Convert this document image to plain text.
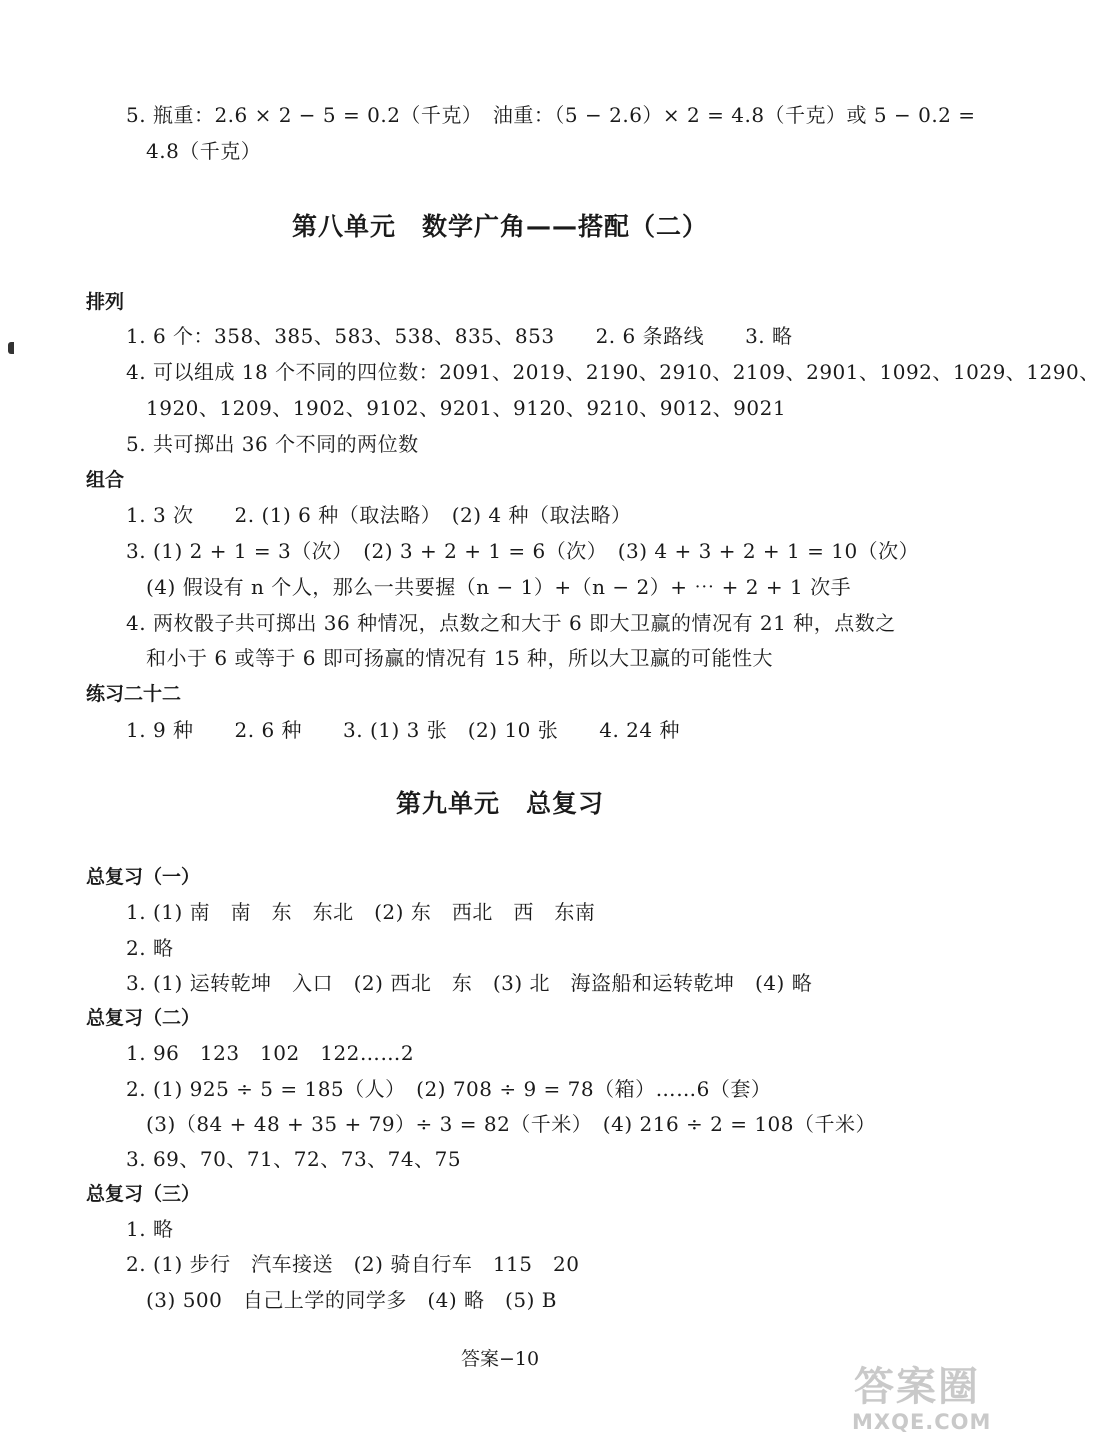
5. 瓶重：2.6 × 2 − 5 = 0.2（千克）　油重：（5 − 2.6）× 2 = 4.8（千克）或 5 − 0.2 =
4.8（千克）
第八单元　数学广角——搭配（二）
排列
1. 6 个：358、385、583、538、835、853　　2. 6 条路线　　3. 略
4. 可以组成 18 个不同的四位数：2091、2019、2190、2910、2109、2901、1092、1029、1290、
1920、1209、1902、9102、9201、9120、9210、9012、9021
5. 共可掷出 36 个不同的两位数
组合
1. 3 次　　2. (1) 6 种（取法略）　(2) 4 种（取法略）
3. (1) 2 + 1 = 3（次）　(2) 3 + 2 + 1 = 6（次）　(3) 4 + 3 + 2 + 1 = 10（次）
(4) 假设有 n 个人，那么一共要握（n − 1）+（n − 2）+ ⋯ + 2 + 1 次手
4. 两枚骰子共可掷出 36 种情况，点数之和大于 6 即大卫赢的情况有 21 种，点数之
和小于 6 或等于 6 即可扬赢的情况有 15 种，所以大卫赢的可能性大
练习二十二
1. 9 种　　2. 6 种　　3. (1) 3 张　(2) 10 张　　4. 24 种
第九单元　总复习
总复习（一）
1. (1) 南　南　东　东北　(2) 东　西北　西　东南
2. 略
3. (1) 运转乾坤　入口　(2) 西北　东　(3) 北　海盗船和运转乾坤　(4) 略
总复习（二）
1. 96　123　102　122……2
2. (1) 925 ÷ 5 = 185（人）　(2) 708 ÷ 9 = 78（箱）……6（套）
(3)（84 + 48 + 35 + 79）÷ 3 = 82（千米）　(4) 216 ÷ 2 = 108（千米）
3. 69、70、71、72、73、74、75
总复习（三）
1. 略
2. (1) 步行　汽车接送　(2) 骑自行车　115　20
(3) 500　自己上学的同学多　(4) 略　(5) B
答案−10
答案圈
MXQE.COM
